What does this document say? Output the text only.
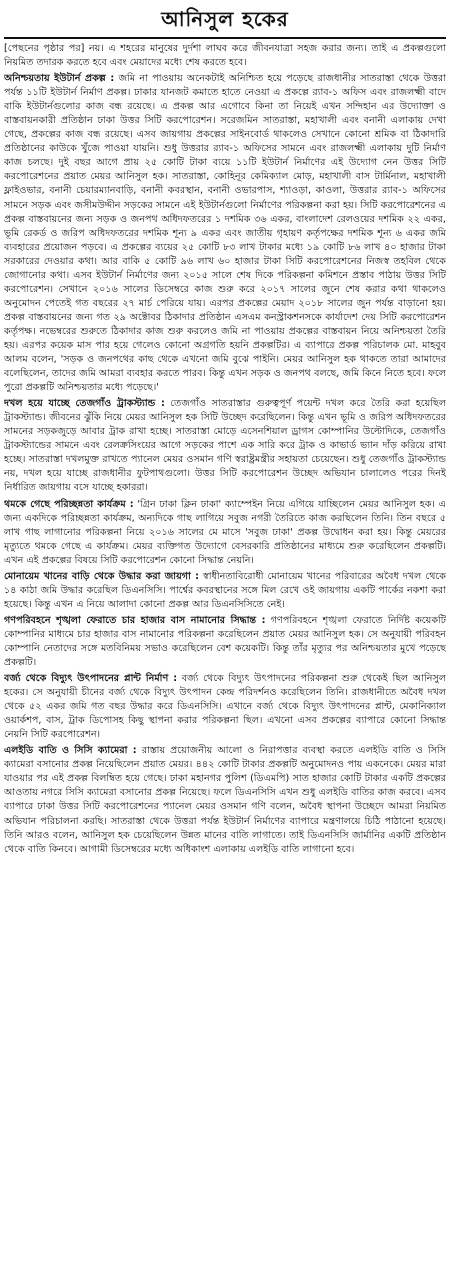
আনিসুল হকের

[পেছনের পৃষ্ঠার পর] নয়। এ শহরের মানুষের দুর্দশা লাঘব করে জীবনযাত্রা সহজ করার জন্য। তাই এ প্রকল্পগুলো নিয়মিত তদারক করতে হবে এবং মেয়াদের মধ্যে শেষ করতে হবে।

অনিশ্চয়তায় ইউটার্ন প্রকল্প : জমি না পাওয়ায় অনেকটাই অনিশ্চিত হয়ে পড়েছে রাজধানীর সাতরাস্তা থেকে উত্তরা পর্যন্ত ১১টি ইউটার্ন নির্মাণ প্রকল্প। ঢাকার যানজট কমাতে হাতে নেওয়া এ প্রকল্পে র‍্যাব-১ অফিস এবং রাজলক্ষ্মী বাদে বাকি ইউটার্নগুলোর কাজ বন্ধ রয়েছে। এ প্রকল্প আর এগোবে কিনা তা নিয়েই এখন সন্দিহান এর উদ্যোক্তা ও বাস্তবায়নকারী প্রতিষ্ঠান ঢাকা উত্তর সিটি করপোরেশন। সরেজমিন সাতরাস্তা, মহাখালী এবং বনানী এলাকায় দেখা গেছে, প্রকল্পের কাজ বন্ধ রয়েছে। এসব জায়গায় প্রকল্পের সাইনবোর্ড থাকলেও সেখানে কোনো শ্রমিক বা ঠিকাদারি প্রতিষ্ঠানের কাউকে খুঁজে পাওয়া যায়নি। শুধু উত্তরার র‍্যাব-১ অফিসের সামনে এবং রাজলক্ষ্মী এলাকায় দুটি নির্মাণ কাজ চলছে। দুই বছর আগে প্রায় ২৫ কোটি টাকা ব্যয়ে ১১টি ইউটার্ন নির্মাণের এই উদ্যোগ নেন উত্তর সিটি করপোরেশনের প্রয়াত মেয়র আনিসুল হক। সাতরাস্তা, কোহিনূর কেমিক্যাল মোড়, মহাখালী বাস টার্মিনাল, মহাখালী ফ্লাইওভার, বনানী চেয়ারম্যানবাড়ি, বনানী কবরস্থান, বনানী ওভারপাস, শ্যাওড়া, কাওলা, উত্তরার র‍্যাব-১ অফিসের সামনে সড়ক এবং জসীমউদ্দীন সড়কের সামনে এই ইউটার্নগুলো নির্মাণের পরিকল্পনা করা হয়। সিটি করপোরেশনের এ প্রকল্প বাস্তবায়নের জন্য সড়ক ও জনপথ অধিদফতরের ১ দশমিক ৩৬ একর, বাংলাদেশ রেলওয়ের দশমিক ২২ একর, ভূমি রেকর্ড ও জরিপ অধিদফতরের দশমিক শূন্য ৯ একর এবং জাতীয় গৃহায়ণ কর্তৃপক্ষের দশমিক শূন্য ৬ একর জমি ব্যবহারের প্রয়োজন পড়বে। এ প্রকল্পের ব্যয়ের ২৫ কোটি ৮৩ লাখ টাকার মধ্যে ১৯ কোটি ৮৬ লাখ ৪০ হাজার টাকা সরকারের দেওয়ার কথা। আর বাকি ৫ কোটি ৯৬ লাখ ৬০ হাজার টাকা সিটি করপোরেশনের নিজস্ব তহবিল থেকে জোগানোর কথা। এসব ইউটার্ন নির্মাণের জন্য ২০১৫ সালে শেষ দিকে পরিকল্পনা কমিশনে প্রস্তাব পাঠায় উত্তর সিটি করপোরেশন। সেখানে ২০১৬ সালের ডিসেম্বরে কাজ শুরু করে ২০১৭ সালের জুনে শেষ করার কথা থাকলেও অনুমোদন পেতেই গত বছরের ২৭ মার্চ পেরিয়ে যায়। এরপর প্রকল্পের মেয়াদ ২০১৮ সালের জুন পর্যন্ত বাড়ানো হয়। প্রকল্প বাস্তবায়নের জন্য গত ২৯ অক্টোবর ঠিকাদার প্রতিষ্ঠান এসএম কনস্ট্রাকশনসকে কার্যাদেশ দেয় সিটি করপোরেশন কর্তৃপক্ষ। নভেম্বরের শুরুতে ঠিকাদার কাজ শুরু করলেও জমি না পাওয়ায় প্রকল্পের বাস্তবায়ন নিয়ে অনিশ্চয়তা তৈরি হয়। এরপর কয়েক মাস পার হয়ে গেলেও কোনো অগ্রগতি হয়নি প্রকল্পটির। এ ব্যাপারে প্রকল্প পরিচালক মো. মাহবুব আলম বলেন, 'সড়ক ও জনপথের কাছ থেকে এখনো জমি বুঝে পাইনি। মেয়র আনিসুল হক থাকতে তারা আমাদের বলেছিলেন, তাদের জমি আমরা ব্যবহার করতে পারব। কিন্তু এখন সড়ক ও জনপথ বলছে, জমি কিনে নিতে হবে। ফলে পুরো প্রকল্পটি অনিশ্চয়তার মধ্যে পড়েছে।'

দখল হয়ে যাচ্ছে তেজগাঁও ট্রাকস্ট্যান্ড : তেজগাঁও সাতরাস্তার গুরুত্বপূর্ণ পয়েন্ট দখল করে তৈরি করা হয়েছিল ট্রাকস্ট্যান্ড। জীবনের ঝুঁকি নিয়ে মেয়র আনিসুল হক সিটি উচ্ছেদ করেছিলেন। কিন্তু এখন ভূমি ও জরিপ অধিদফতরের সামনের সড়কজুড়ে আবার ট্রাক রাখা হচ্ছে। সাতরাস্তা মোড়ে এসেনশিয়াল ড্রাগস কোম্পানির উল্টোদিকে, তেজগাঁও ট্রাকস্ট্যান্ডের সামনে এবং রেলক্রসিংয়ের আগে সড়কের পাশে এক সারি করে ট্রাক ও কাভার্ড ভ্যান দাঁড় করিয়ে রাখা হচ্ছে। সাতরাস্তা দখলমুক্ত রাখতে প্যানেল মেয়র ওসমান গণি স্বরাষ্ট্রমন্ত্রীর সহায়তা চেয়েছেন। শুধু তেজগাঁও ট্রাকস্ট্যান্ড নয়, দখল হয়ে যাচ্ছে রাজধানীর ফুটপাথগুলো। উত্তর সিটি করপোরেশন উচ্ছেদ অভিযান চালালেও পরের দিনই নির্ধারিত জায়গায় বসে যাচ্ছে হকাররা।

থমকে গেছে পরিচ্ছন্নতা কার্যক্রম : 'গ্রিন ঢাকা ক্লিন ঢাকা' ক্যাম্পেইন নিয়ে এগিয়ে যাচ্ছিলেন মেয়র আনিসুল হক। এ জন্য একদিকে পরিচ্ছন্নতা কার্যক্রম, অন্যদিকে গাছ লাগিয়ে সবুজ নগরী তৈরিতে কাজ করছিলেন তিনি। তিন বছরে ৫ লাখ গাছ লাগানোর পরিকল্পনা নিয়ে ২০১৬ সালের মে মাসে 'সবুজ ঢাকা' প্রকল্প উদ্বোধন করা হয়। কিন্তু মেয়রের মৃত্যুতে থমকে গেছে এ কার্যক্রম। মেয়র ব্যক্তিগত উদ্যোগে বেসরকারি প্রতিষ্ঠানের মাধ্যমে শুরু করেছিলেন প্রকল্পটি। এখন এই প্রকল্পের বিষয়ে সিটি করপোরেশন কোনো সিদ্ধান্ত নেয়নি।

মোনায়েম খানের বাড়ি থেকে উদ্ধার করা জায়গা : স্বাধীনতাবিরোধী মোনায়েম খানের পরিবারের অবৈধ দখল থেকে ১৪ কাঠা জমি উদ্ধার করেছিল ডিএনসিসি। পার্শ্বের কবরস্থানের সঙ্গে মিল রেখে ওই জায়গায় একটি পার্কের নকশা করা হয়েছে। কিন্তু এখন এ নিয়ে আলাদা কোনো প্রকল্প আর ডিএনসিসিতে নেই।

গণপরিবহনে শৃঙ্খলা ফেরাতে চার হাজার বাস নামানোর সিদ্ধান্ত : গণপরিবহনে শৃঙ্খলা ফেরাতে নির্দিষ্ট কয়েকটি কোম্পানির মাধ্যমে চার হাজার বাস নামানোর পরিকল্পনা করেছিলেন প্রয়াত মেয়র আনিসুল হক। সে অনুযায়ী পরিবহন কোম্পানি নেতাদের সঙ্গে মতবিনিময় সভাও করেছিলেন বেশ কয়েকটি। কিন্তু তাঁর মৃত্যুর পর অনিশ্চয়তার মুখে পড়েছে প্রকল্পটি।

বর্জ্য থেকে বিদ্যুৎ উৎপাদনের প্লান্ট নির্মাণ : বর্জ্য থেকে বিদ্যুৎ উৎপাদনের পরিকল্পনা শুরু থেকেই ছিল আনিসুল হকের। সে অনুযায়ী চীনের বর্জ্য থেকে বিদ্যুৎ উৎপাদন কেন্দ্র পরিদর্শনও করেছিলেন তিনি। রাজধানীতে অবৈধ দখল থেকে ৫২ একর জমি গত বছর উদ্ধার করে ডিএনসিসি। এখানে বর্জ্য থেকে বিদ্যুৎ উৎপাদনের প্লান্ট, মেকানিক্যাল ওয়ার্কশপ, বাস, ট্রাক ডিপোসহ কিছু স্থাপনা করার পরিকল্পনা ছিল। এখনো এসব প্রকল্পের ব্যাপারে কোনো সিদ্ধান্ত নেয়নি সিটি করপোরেশন।

এলইডি বাতি ও সিসি ক্যামেরা : রাস্তায় প্রয়োজনীয় আলো ও নিরাপত্তার ব্যবস্থা করতে এলইডি বাতি ও সিসি ক্যামেরা বসানোর প্রকল্প নিয়েছিলেন প্রয়াত মেয়র। ৪৪২ কোটি টাকার প্রকল্পটি অনুমোদনও পায় একনেকে। মেয়র মারা যাওয়ার পর এই প্রকল্প বিলম্বিত হয়ে গেছে। ঢাকা মহানগর পুলিশ (ডিএমপি) সাত হাজার কোটি টাকার একটি প্রকল্পের আওতায় নগরে সিসি ক্যামেরা বসানোর প্রকল্প নিয়েছে। ফলে ডিএনসিসি এখন শুধু এলইডি বাতির কাজ করবে। এসব ব্যাপারে ঢাকা উত্তর সিটি করপোরেশনের প্যানেল মেয়র ওসমান গণি বলেন, অবৈধ স্থাপনা উচ্ছেদে আমরা নিয়মিত অভিযান পরিচালনা করছি। সাতরাস্তা থেকে উত্তরা পর্যন্ত ইউটার্ন নির্মাণের ব্যাপারে মন্ত্রণালয়ে চিঠি পাঠানো হয়েছে। তিনি আরও বলেন, আনিসুল হক চেয়েছিলেন উন্নত মানের বাতি লাগাতে। তাই ডিএনসিসি জার্মানির একটি প্রতিষ্ঠান থেকে বাতি কিনবে। আগামী ডিসেম্বরের মধ্যে অধিকাংশ এলাকায় এলইডি বাতি লাগানো হবে।
